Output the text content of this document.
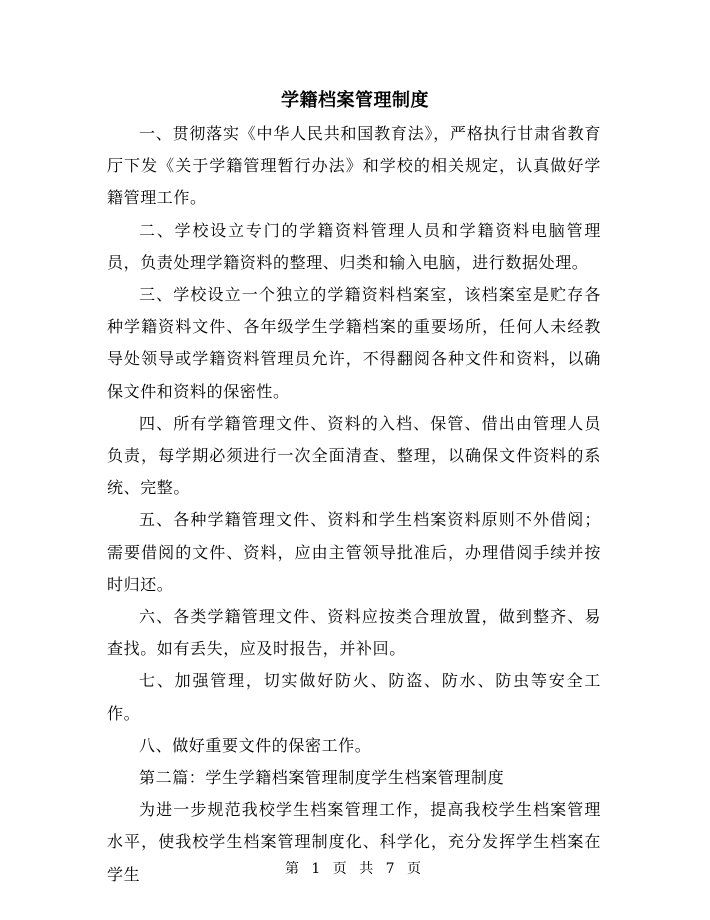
学籍档案管理制度

一、贯彻落实《中华人民共和国教育法》，严格执行甘肃省教育厅下发《关于学籍管理暂行办法》和学校的相关规定，认真做好学籍管理工作。

二、学校设立专门的学籍资料管理人员和学籍资料电脑管理员，负责处理学籍资料的整理、归类和输入电脑，进行数据处理。

三、学校设立一个独立的学籍资料档案室，该档案室是贮存各种学籍资料文件、各年级学生学籍档案的重要场所，任何人未经教导处领导或学籍资料管理员允许，不得翻阅各种文件和资料，以确保文件和资料的保密性。

四、所有学籍管理文件、资料的入档、保管、借出由管理人员负责，每学期必须进行一次全面清查、整理，以确保文件资料的系统、完整。

五、各种学籍管理文件、资料和学生档案资料原则不外借阅；需要借阅的文件、资料，应由主管领导批准后，办理借阅手续并按时归还。

六、各类学籍管理文件、资料应按类合理放置，做到整齐、易查找。如有丢失，应及时报告，并补回。

七、加强管理，切实做好防火、防盗、防水、防虫等安全工作。

八、做好重要文件的保密工作。

第二篇：学生学籍档案管理制度学生档案管理制度

为进一步规范我校学生档案管理工作，提高我校学生档案管理水平，使我校学生档案管理制度化、科学化，充分发挥学生档案在学生	第 1 页 共 7 页
